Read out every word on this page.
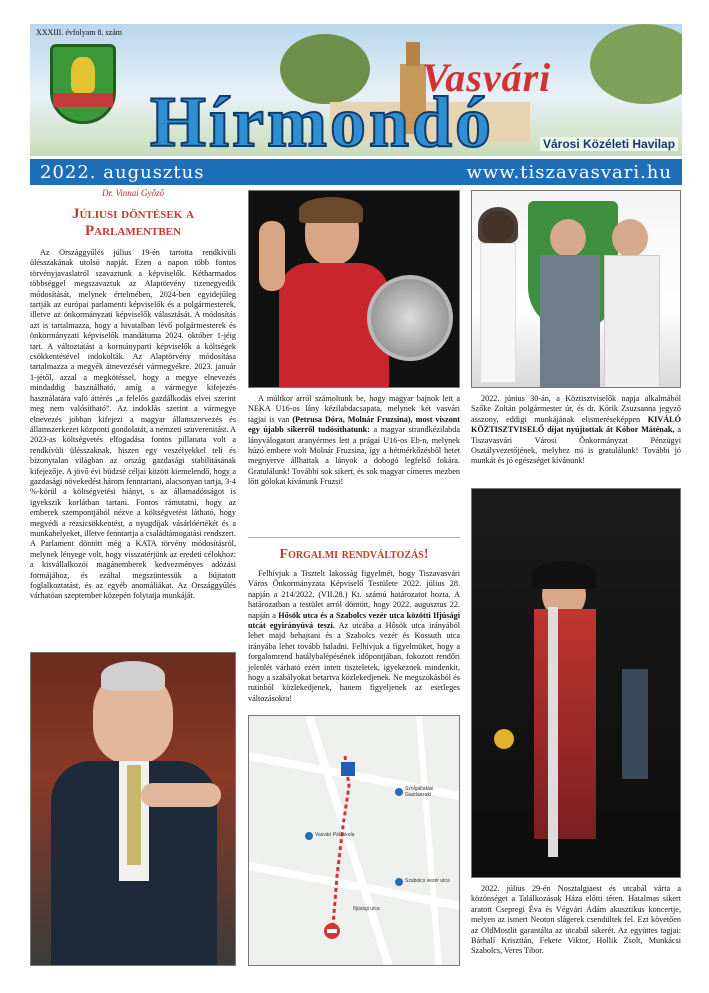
XXXIII. évfolyam 8. szám
Vasvári
Hírmondó	Városi Közéleti Havilap
2022. augusztus	www.tiszavasvari.hu
Dr. Vinnai Győző
Júliusi döntések a
Parlamentben

Az Országgyűlés július 19-én tartotta rendkívüli ülésszakának utolsó napját. Ezen a napon több fontos törvényjavaslatról szavaztunk a képviselők. Kétharmados többséggel megszavaztuk az Alaptörvény tizenegyedik módosítását, melynek értelmében, 2024-ben egyidejűleg tartják az európai parlamenti képviselők és a polgármesterek, illetve az önkormányzati képviselők választását. A módosítás azt is tartalmazza, hogy a hivatalban lévő polgármesterek és önkormányzati képviselők mandátuma 2024. október 1-jéig tart. A változtatást a kormányparti képviselők a költségek csökkentésével indokolták. Az Alaptörvény módosítása tartalmazza a megyék átnevezését vármegyékre. 2023. január 1-jétől, azzal a megkötéssel, hogy a megye elnevezés mindaddig használható, amíg a vármegye kifejezés használatára való áttérés „a felelős gazdálkodás elvei szerint meg nem valósítható”. Az indoklás szerint a vármegye elnevezés jobban kifejezi a magyar államszervezés és államszerkezet központi gondolatát, a nemzeti szuverenitást. A 2023-as költségvetés elfogadása fontos pillanata volt a rendkívüli ülésszaknak, hiszen egy veszélyekkel teli és bizonytalan világban az ország gazdasági stabilitásának kifejezője. A jövő évi büdzsé céljai között kiemelendő, hogy a gazdasági növekedést három fenntartani, alacsonyan tartja, 3-4 %-körül a költségvetési hiányt, s az államadósságot is igyekszik korlátban tartani. Fontos rámutatni, hogy az emberek szempontjából nézve a költségvetést látható, hogy megvédi a rezsicsökkentést, a nyugdíjak vásárlóértékét és a munkahelyeket, illetve fenntartja a családtámogatási rendszert. A Parlament döntött még a KATA törvény módosításról, melynek lényege volt, hogy visszatérjünk az eredeti célokhoz: a kisvállalkozói magánemberek kedvezményes adózási formájához, és ezáltal megszüntessük a bújtatott foglalkoztatást, és az egyéb anomáliákat. Az Országgyűlés várhatóan szeptember közepén folytatja munkáját.

A múltkor arról számoltunk be, hogy magyar bajnok lett a NEKA U16-os lány kézilabdacsapata, melynek két vasvári tagjai is van (Petrusa Dóra, Molnár Fruzsina), most viszont egy újabb sikerről tudósíthatunk: a magyar strandkézilabda lányválogatott aranyérmes lett a prágai U16-os Eb-n, melynek húzó embere volt Molnár Fruzsina, így a hétmérkőzésből hetet megnyerve állhattak a lányok a dobogó legfelső fokára. Gratulálunk! További sok sikert, és sok magyar címeres mezben lőtt gólokat kívánunk Fruzsi!

Forgalmi rendváltozás!

Felhívjuk a Tisztelt lakosság figyelmét, hogy Tiszavasvári Város Önkormányzata Képviselő Testülete 2022. július 28. napján a 214/2022. (VII.28.) Kt. számú határozatot hozta. A határozatban a testület arról döntött, hogy 2022. augusztus 22. napján a Hősök utca és a Szabolcs vezér utca közötti Ifjúsági utcát egyirányúvá teszi. Az utcába a Hősök utca irányából lehet majd behajtani és a Szabolcs vezér és Kossuth utca irányába lehet tovább haladni. Felhívjuk a figyelmüket, hogy a forgalomrend hatálybalépésének időpontjában, fokozott rendőri jelenlét várható ezért intett tiszteletek, igyekeznek mindenkit, hogy a szabályokat betartva közlekedjenek. Ne megszokásból és rutinból közlekedjenek, hanem figyeljenek az esetleges változásokra!

Szolgáltatási Gazdaszaki
Vasvári Pál Iskola
Szabolcs vezér utca
Ifjúsági utca

2022. június 30-án, a Köztisztviselők napja alkalmából Szőke Zoltán polgármester úr, és dr. Kórik Zsuzsanna jegyző asszony, eddigi munkájának elismeréseképpen KIVÁLÓ KÖZTISZTVISELŐ díjat nyújtottak át Kóbor Máténak, a Tiszavasvári Városi Önkormányzat Pénzügyi Osztályvezetőjének, melyhez mi is gratulálunk! További jó munkát és jó egészséget kívánunk!

2022. július 29-én Nosztalgiaest és utcabál várta a közönséget a Találkozások Háza előtti téren. Hatalmas sikert aratott Csepregi Éva és Végvári Ádám akusztikus koncertje, melyen az ismert Neoton slágerek csendültek fel. Ezt követően az OldMostlit garantálta az utcabál sikerét. Az együttes tagjai: Bárhalí Krisztián, Fekete Viktor, Hollik Zsolt, Munkácsi Szabolcs, Veres Tibor.
